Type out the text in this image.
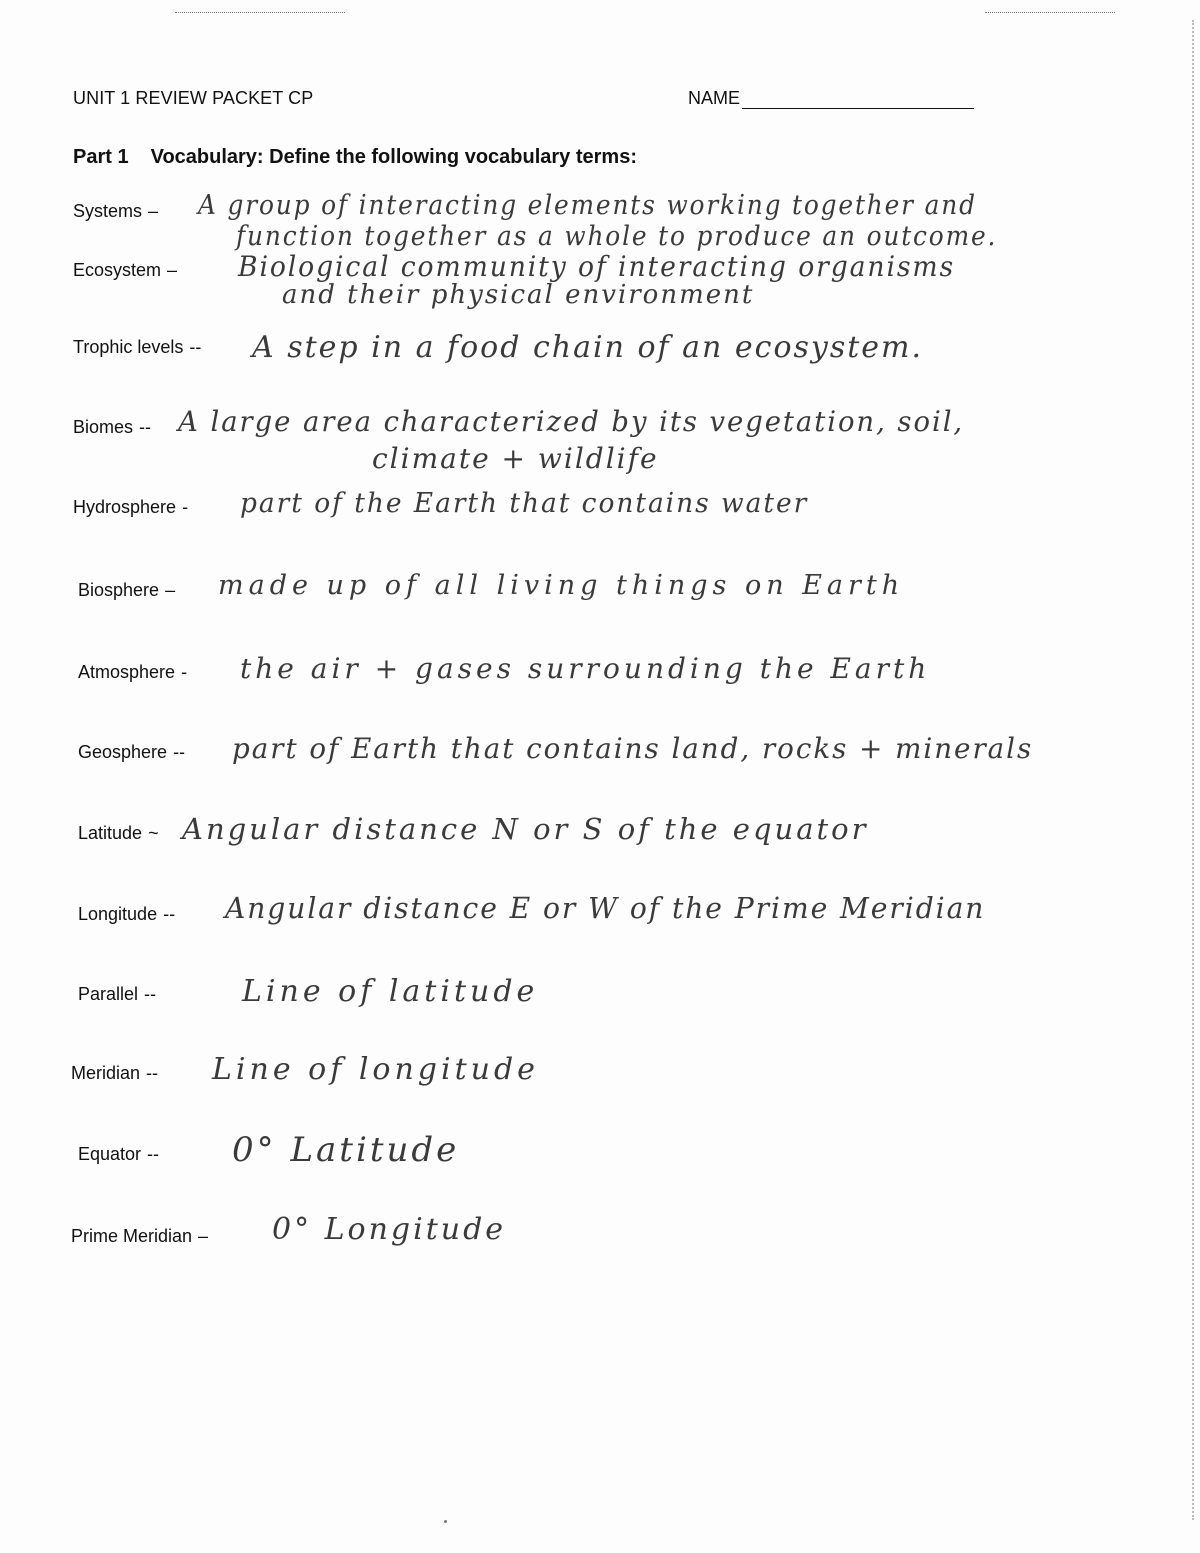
UNIT 1 REVIEW PACKET CP	NAME
Part 1 Vocabulary: Define the following vocabulary terms:
Systems – A group of interacting elements working together and
function together as a whole to produce an outcome.
Ecosystem – Biological community of interacting organisms
and their physical environment
Trophic levels -- A step in a food chain of an ecosystem.
Biomes -- A large area characterized by its vegetation, soil,
climate + wildlife
Hydrosphere - part of the Earth that contains water
Biosphere – made up of all living things on Earth
Atmosphere - the air + gases surrounding the Earth
Geosphere -- part of Earth that contains land, rocks + minerals
Latitude ~ Angular distance N or S of the equator
Longitude -- Angular distance E or W of the Prime Meridian
Parallel --	Line of latitude
Meridian -- Line of longitude
Equator -- 0° Latitude
Prime Meridian – 0° Longitude
